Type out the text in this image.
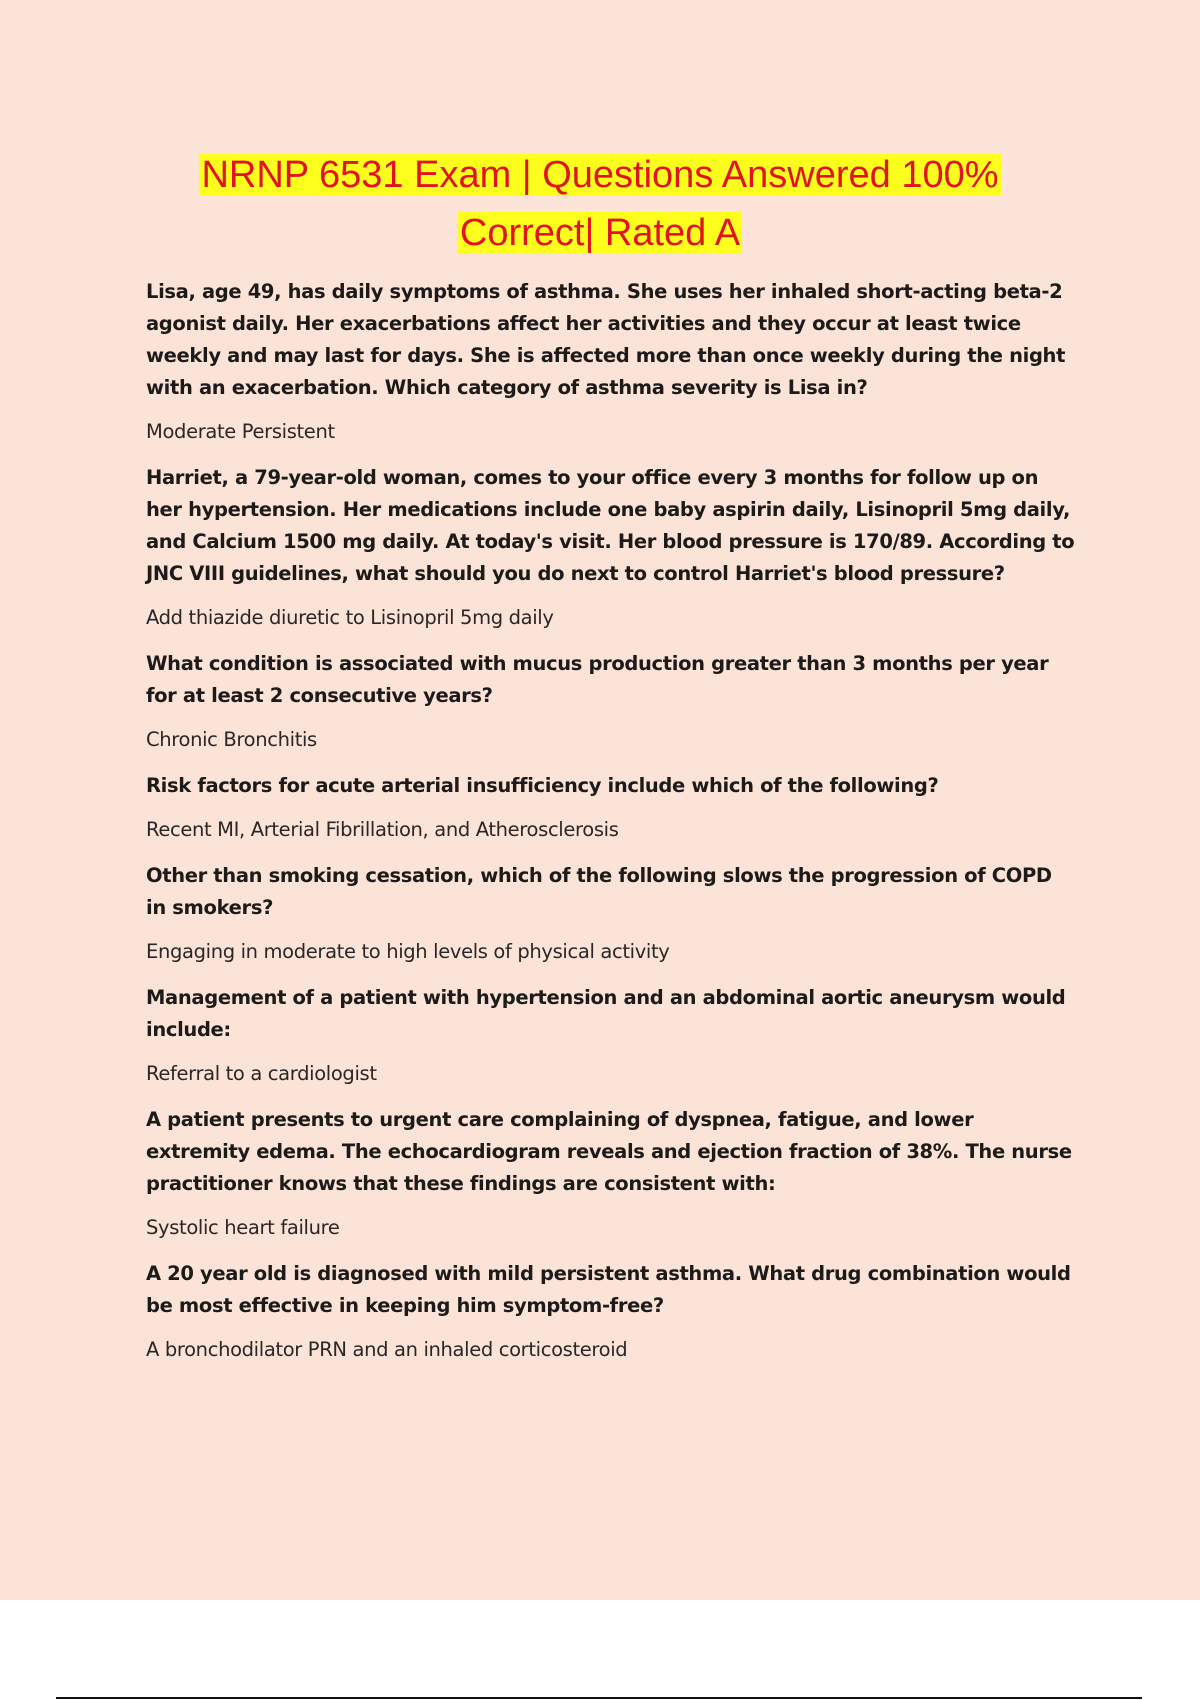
NRNP 6531 Exam | Questions Answered 100%
Correct| Rated A

Lisa, age 49, has daily symptoms of asthma. She uses her inhaled short-acting beta-2 agonist daily. Her exacerbations affect her activities and they occur at least twice weekly and may last for days. She is affected more than once weekly during the night with an exacerbation. Which category of asthma severity is Lisa in?

Moderate Persistent

Harriet, a 79-year-old woman, comes to your office every 3 months for follow up on her hypertension. Her medications include one baby aspirin daily, Lisinopril 5mg daily, and Calcium 1500 mg daily. At today's visit. Her blood pressure is 170/89. According to JNC VIII guidelines, what should you do next to control Harriet's blood pressure?

Add thiazide diuretic to Lisinopril 5mg daily

What condition is associated with mucus production greater than 3 months per year for at least 2 consecutive years?

Chronic Bronchitis

Risk factors for acute arterial insufficiency include which of the following?

Recent MI, Arterial Fibrillation, and Atherosclerosis

Other than smoking cessation, which of the following slows the progression of COPD in smokers?

Engaging in moderate to high levels of physical activity

Management of a patient with hypertension and an abdominal aortic aneurysm would include:

Referral to a cardiologist

A patient presents to urgent care complaining of dyspnea, fatigue, and lower extremity edema. The echocardiogram reveals and ejection fraction of 38%. The nurse practitioner knows that these findings are consistent with:

Systolic heart failure

A 20 year old is diagnosed with mild persistent asthma. What drug combination would be most effective in keeping him symptom-free?

A bronchodilator PRN and an inhaled corticosteroid
